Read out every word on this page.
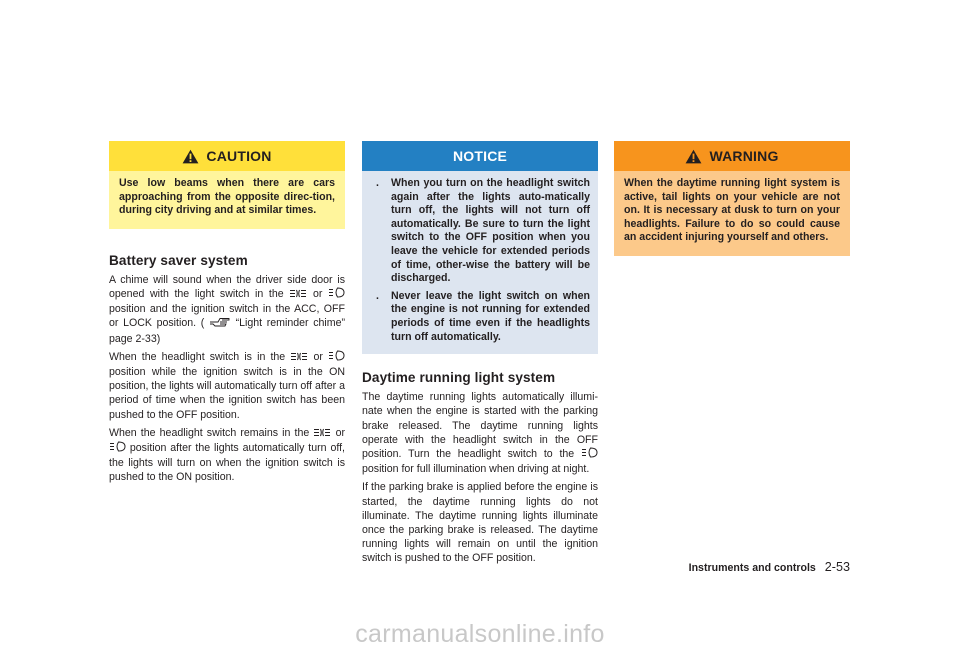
CAUTION
Use low beams when there are cars approaching from the opposite direc-tion, during city driving and at similar times.
Battery saver system

A chime will sound when the driver side door is opened with the light switch in the	or  position and the ignition switch in the ACC, OFF or LOCK position. (	“Light reminder chime” page 2-33)

When the headlight switch is in the	or  position while the ignition switch is in the ON position, the lights will automatically turn off after a period of time when the ignition switch has been pushed to the OFF position.

When the headlight switch remains in the or  position after the lights automatically turn off, the lights will turn on when the ignition switch is pushed to the ON position.

NOTICE
. When you turn on the headlight switch again after the lights auto-matically turn off, the lights will not turn off automatically. Be sure to turn the light switch to the OFF position when you leave the vehicle for extended periods of time, other-wise the battery will be discharged.
. Never leave the light switch on when the engine is not running for extended periods of time even if the headlights turn off automatically.
Daytime running light system

The daytime running lights automatically illumi-nate when the engine is started with the parking brake released. The daytime running lights operate with the headlight switch in the OFF position. Turn the headlight switch to the  position for full illumination when driving at night.

If the parking brake is applied before the engine is started, the daytime running lights do not illuminate. The daytime running lights illuminate once the parking brake is released. The daytime running lights will remain on until the ignition switch is pushed to the OFF position.

WARNING
When the daytime running light system is active, tail lights on your vehicle are not on. It is necessary at dusk to turn on your headlights. Failure to do so could cause an accident injuring yourself and others.
Instruments and controls 2-53
carmanualsonline.info
